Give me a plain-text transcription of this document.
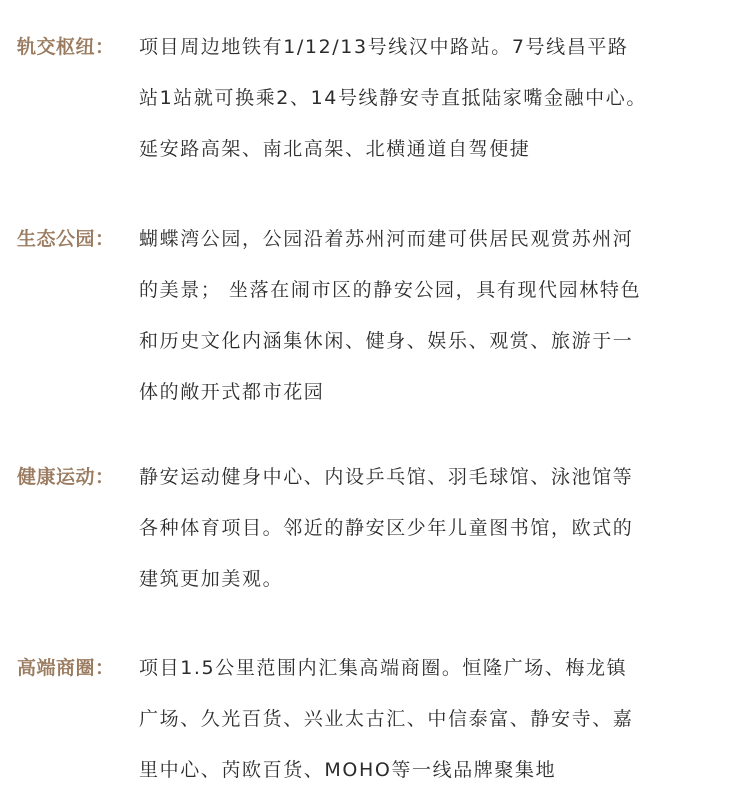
轨交枢纽：	项目周边地铁有1/12/13号线汉中路站。7号线昌平路
站1站就可换乘2、14号线静安寺直抵陆家嘴金融中心。
延安路高架、南北高架、北横通道自驾便捷
生态公园：	蝴蝶湾公园，公园沿着苏州河而建可供居民观赏苏州河
的美景； 坐落在闹市区的静安公园，具有现代园林特色
和历史文化内涵集休闲、健身、娱乐、观赏、旅游于一
体的敞开式都市花园
健康运动：	静安运动健身中心、内设乒乓馆、羽毛球馆、泳池馆等
各种体育项目。邻近的静安区少年儿童图书馆，欧式的
建筑更加美观。
高端商圈：	项目1.5公里范围内汇集高端商圈。恒隆广场、梅龙镇
广场、久光百货、兴业太古汇、中信泰富、静安寺、嘉
里中心、芮欧百货、MOHO等一线品牌聚集地
